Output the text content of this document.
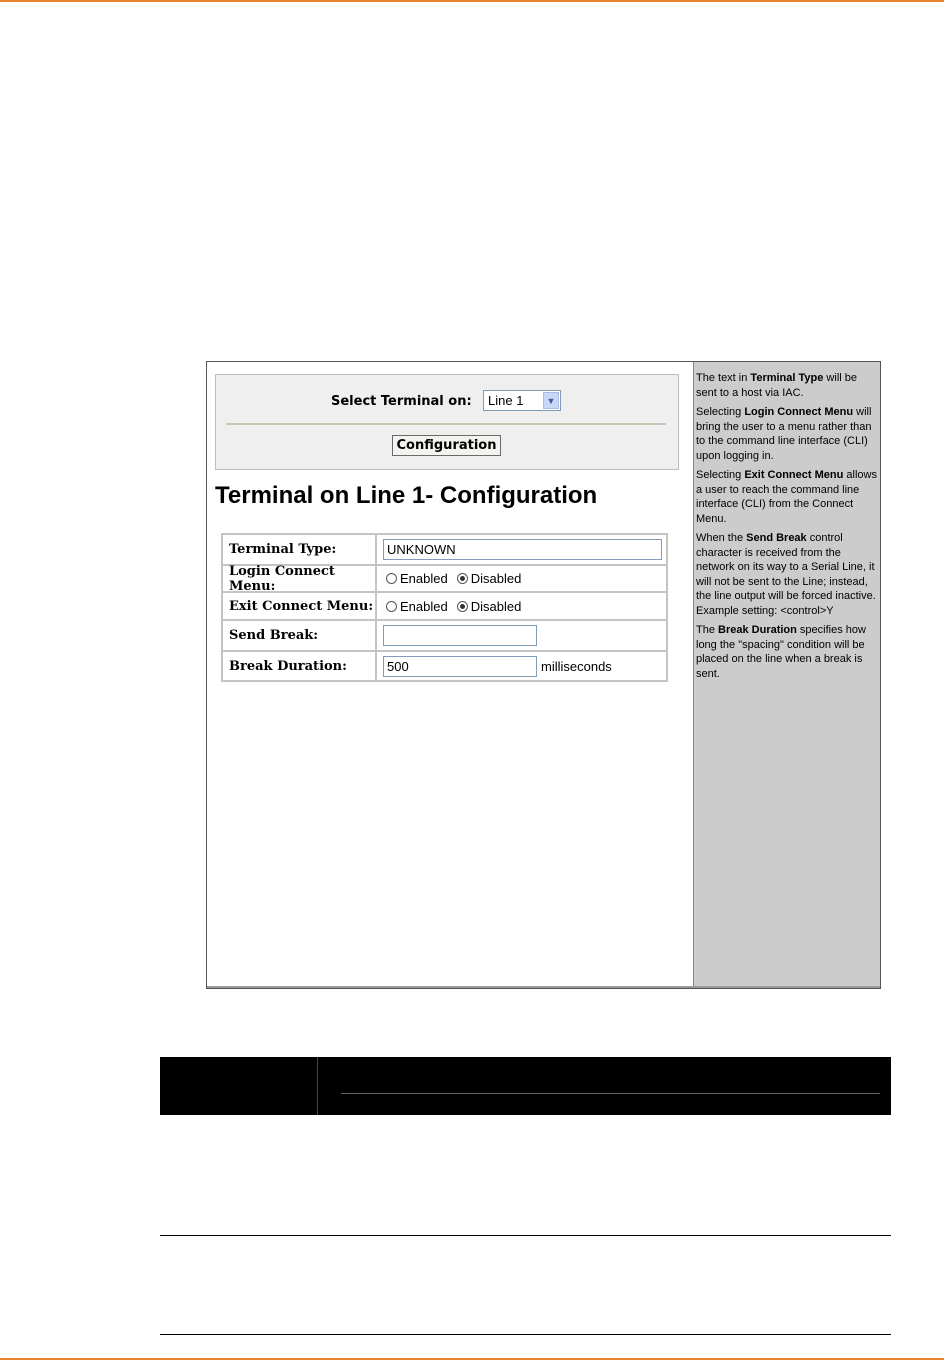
Select Terminal on: Line 1	▼
Configuration
Terminal on Line 1- Configuration
Terminal Type:	UNKNOWN
Login Connect Menu:	Enabled Disabled
Exit Connect Menu: Enabled Disabled
Send Break:
Break Duration:	500	milliseconds

The text in Terminal Type will be sent to a host via IAC.

Selecting Login Connect Menu will bring the user to a menu rather than to the command line interface (CLI) upon logging in.

Selecting Exit Connect Menu allows a user to reach the command line interface (CLI) from the Connect Menu.

When the Send Break control character is received from the network on its way to a Serial Line, it will not be sent to the Line; instead, the line output will be forced inactive. Example setting: <control>Y

The Break Duration specifies how long the "spacing" condition will be placed on the line when a break is sent.
